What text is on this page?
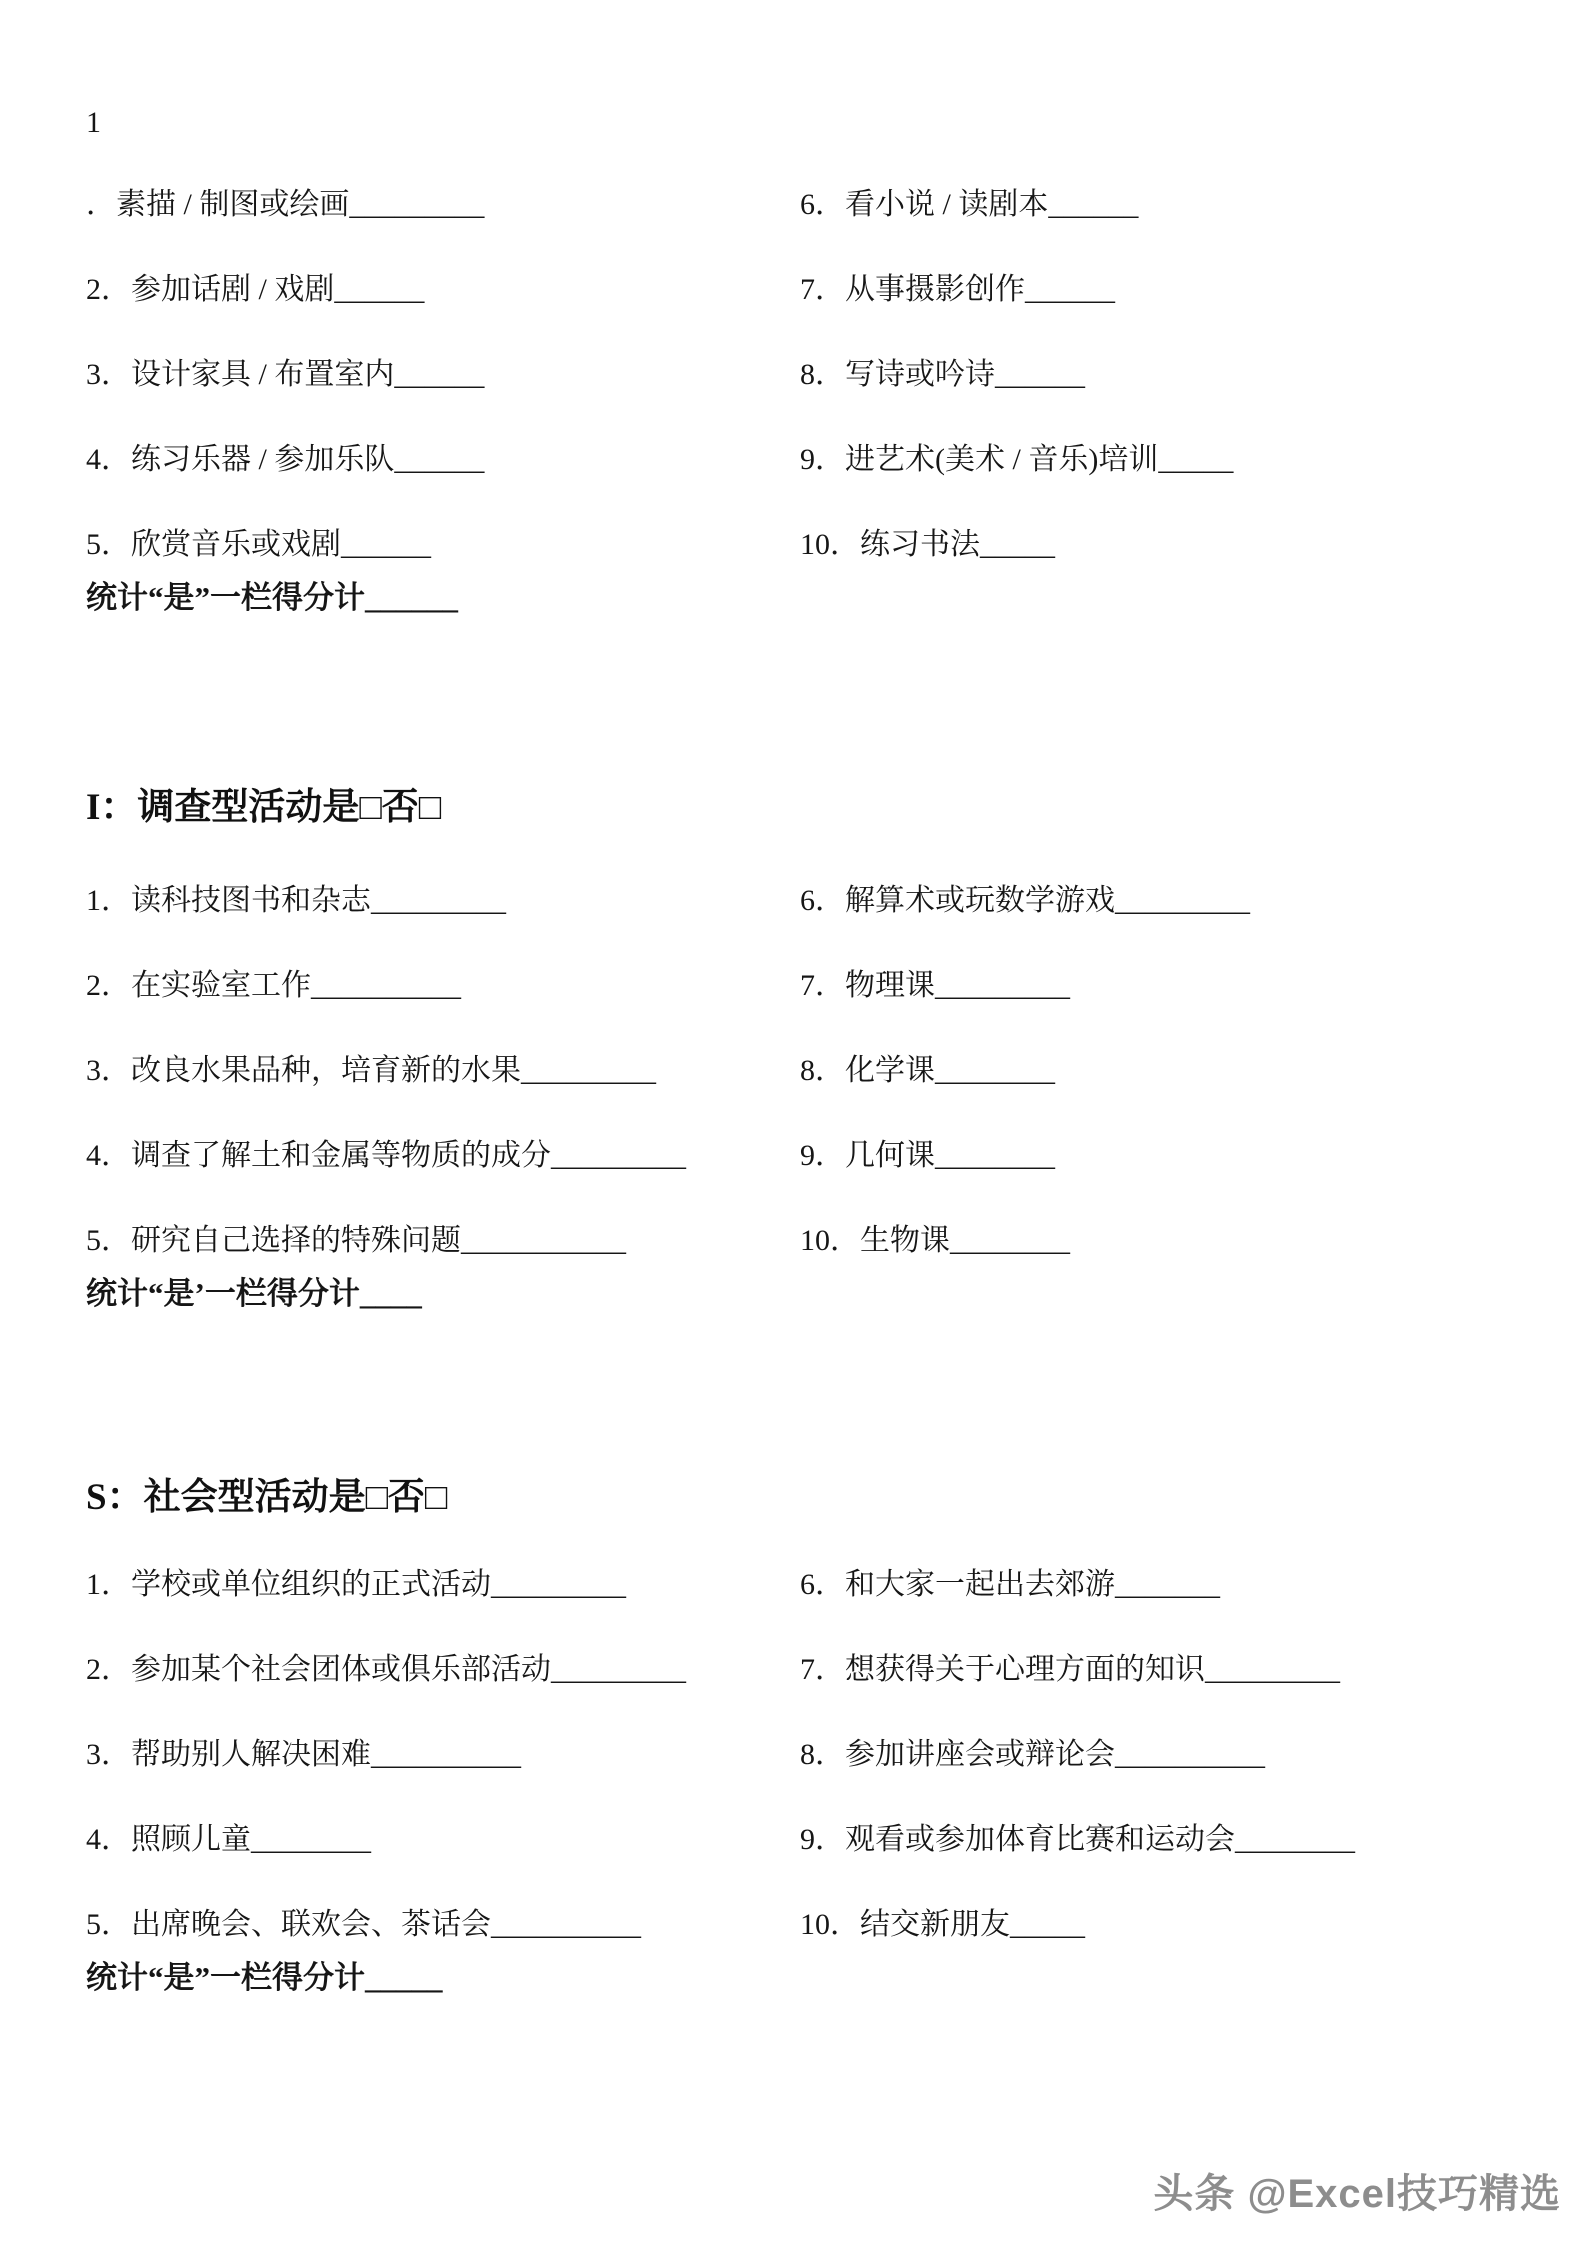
1
．素描 / 制图或绘画_________	6．看小说 / 读剧本______
2．参加话剧 / 戏剧______	7．从事摄影创作______
3．设计家具 / 布置室内______	8．写诗或吟诗______
4．练习乐器 / 参加乐队______	9．进艺术(美术 / 音乐)培训_____
5．欣赏音乐或戏剧______	10．练习书法_____
统计“是”一栏得分计______
I：调查型活动是□否□
1．读科技图书和杂志_________	6．解算术或玩数学游戏_________
2．在实验室工作__________	7．物理课_________
3．改良水果品种，培育新的水果_________	8．化学课________
4．调查了解土和金属等物质的成分_________	9．几何课________
5．研究自己选择的特殊问题___________	10．生物课________
统计“是’一栏得分计____
S：社会型活动是□否□
1．学校或单位组织的正式活动_________	6．和大家一起出去郊游_______
2．参加某个社会团体或俱乐部活动_________	7．想获得关于心理方面的知识_________
3．帮助别人解决困难__________	8．参加讲座会或辩论会__________
4．照顾儿童________	9．观看或参加体育比赛和运动会________
5．出席晚会、联欢会、茶话会__________	10．结交新朋友_____
统计“是”一栏得分计_____
头条 @Excel技巧精选
